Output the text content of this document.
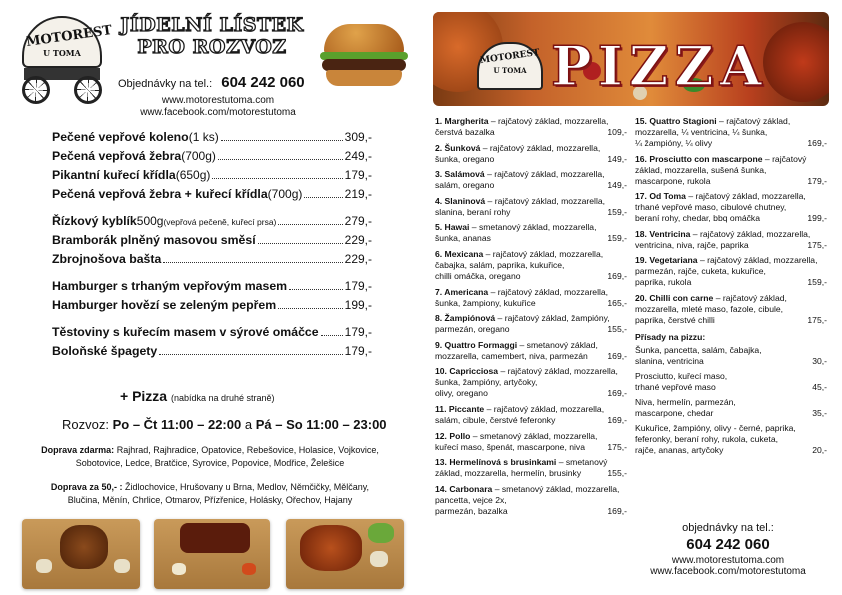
MOTOREST
U TOMA
JÍDELNÍ LÍSTEK
PRO ROZVOZ
Objednávky na tel.: 604 242 060
www.motorestutoma.com
www.facebook.com/motorestutoma
Pečené vepřové koleno (1 ks)	309,-
Pečená vepřová žebra (700g)	249,-
Pikantní kuřecí křídla (650g)	179,-
Pečená vepřová žebra + kuřecí křídla (700g)	219,-
Řízkový kyblík 500g (vepřová pečeně, kuřecí prsa)	279,-
Bramborák plněný masovou směsí	229,-
Zbrojnošova bašta	229,-
Hamburger s trhaným vepřovým masem	179,-
Hamburger hovězí se zeleným pepřem	199,-
Těstoviny s kuřecím masem v sýrové omáčce 179,-
Boloňské špagety	179,-
+ Pizza (nabídka na druhé straně)
Rozvoz: Po – Čt 11:00 – 22:00 a Pá – So 11:00 – 23:00
Doprava zdarma: Rajhrad, Rajhradice, Opatovice, Rebešovice, Holasice, Vojkovice, Sobotovice, Ledce, Bratčice, Syrovice, Popovice, Modřice, Želešice
Doprava za 50,- : Židlochovice, Hrušovany u Brna, Medlov, Němčičky, Mělčany, Blučina, Měnín, Chrlice, Otmarov, Přízřenice, Holásky, Ořechov, Hajany
MOTOREST
U TOMA PIZZA
1. Margherita – rajčatový základ, mozzarella,
čerstvá bazalka	109,-
2. Šunková – rajčatový základ, mozzarella,
šunka, oregano	149,-
3. Salámová – rajčatový základ, mozzarella,
salám, oregano	149,-
4. Slaninová – rajčatový základ, mozzarella,
slanina, beraní rohy	159,-
5. Hawai – smetanový základ, mozzarella,
šunka, ananas	159,-
6. Mexicana – rajčatový základ, mozzarella, čabajka, salám, paprika, kukuřice,
chilli omáčka, oregano	169,-
7. Americana – rajčatový základ, mozzarella,
šunka, žampiony, kukuřice	165,-
8. Žampiónová – rajčatový základ, žampióny,
parmezán, oregano	155,-
9. Quattro Formaggi – smetanový základ,
mozzarella, camembert, niva, parmezán	169,-
10. Capricciosa – rajčatový základ, mozzarella, šunka, žampióny, artyčoky,
olivy, oregano	169,-
11. Piccante – rajčatový základ, mozzarella,
salám, cibule, čerstvé feferonky	169,-
12. Pollo – smetanový základ, mozzarella,
kuřecí maso, špenát, mascarpone, niva	175,-
13. Hermelínová s brusinkami – smetanový
základ, mozzarella, hermelín, brusinky	155,-
14. Carbonara – smetanový základ, mozzarella, pancetta, vejce 2x,
parmezán, bazalka	169,-
15. Quattro Stagioni – rajčatový základ, mozzarella, ¼ ventricina, ¼ šunka,
¼ žampióny, ¼ olivy	169,-
16. Prosciutto con mascarpone – rajčatový základ, mozzarella, sušená šunka,
mascarpone, rukola	179,-
17. Od Toma – rajčatový základ, mozzarella, trhané vepřové maso, cibulové chutney,
beraní rohy, chedar, bbq omáčka	199,-
18. Ventricina – rajčatový základ, mozzarella,
ventricina, niva, rajče, paprika	175,-
19. Vegetariana – rajčatový základ, mozzarella, parmezán, rajče, cuketa, kukuřice,
paprika, rukola	159,-
20. Chilli con carne – rajčatový základ, mozzarella, mleté maso, fazole, cibule,
paprika, čerstvé chilli	175,-
Přísady na pizzu:
Šunka, pancetta, salám, čabajka,
slanina, ventricina	30,-
Prosciutto, kuřecí maso,
trhané vepřové maso	45,-
Niva, hermelín, parmezán,
mascarpone, chedar	35,-
Kukuřice, žampióny, olivy - černé, paprika, feferonky, beraní rohy, rukola, cuketa,
rajče, ananas, artyčoky	20,-
objednávky na tel.:
604 242 060
www.motorestutoma.com
www.facebook.com/motorestutoma
